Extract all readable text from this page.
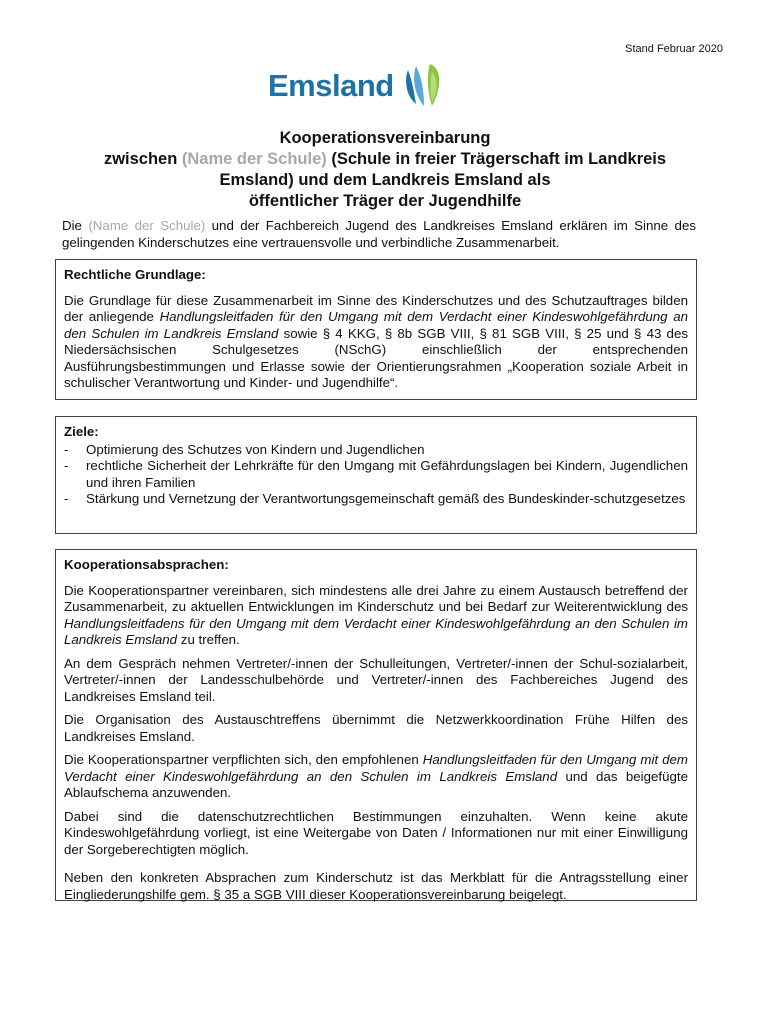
Stand Februar 2020
Emsland
Kooperationsvereinbarung
zwischen (Name der Schule) (Schule in freier Trägerschaft im Landkreis
Emsland) und dem Landkreis Emsland als
öffentlicher Träger der Jugendhilfe
Die (Name der Schule) und der Fachbereich Jugend des Landkreises Emsland erklären im Sinne des gelingenden Kinderschutzes eine vertrauensvolle und verbindliche Zusammenarbeit.
Rechtliche Grundlage:

Die Grundlage für diese Zusammenarbeit im Sinne des Kinderschutzes und des Schutzauftrages bilden der anliegende Handlungsleitfaden für den Umgang mit dem Verdacht einer Kindeswohlgefährdung an den Schulen im Landkreis Emsland sowie § 4 KKG, § 8b SGB VIII, § 81 SGB VIII, § 25 und § 43 des Niedersächsischen Schulgesetzes (NSchG) einschließlich der entsprechenden Ausführungsbestimmungen und Erlasse sowie der Orientierungsrahmen „Kooperation soziale Arbeit in schulischer Verantwortung und Kinder- und Jugendhilfe“.

Ziele:
- Optimierung des Schutzes von Kindern und Jugendlichen
- rechtliche Sicherheit der Lehrkräfte für den Umgang mit Gefährdungslagen bei Kindern, Jugendlichen und ihren Familien
- Stärkung und Vernetzung der Verantwortungsgemeinschaft gemäß des Bundeskinder-schutzgesetzes
Kooperationsabsprachen:

Die Kooperationspartner vereinbaren, sich mindestens alle drei Jahre zu einem Austausch betreffend der Zusammenarbeit, zu aktuellen Entwicklungen im Kinderschutz und bei Bedarf zur Weiterentwicklung des Handlungsleitfadens für den Umgang mit dem Verdacht einer Kindeswohlgefährdung an den Schulen im Landkreis Emsland zu treffen.

An dem Gespräch nehmen Vertreter/-innen der Schulleitungen, Vertreter/-innen der Schul-sozialarbeit, Vertreter/-innen der Landesschulbehörde und Vertreter/-innen des Fachbereiches Jugend des Landkreises Emsland teil.

Die Organisation des Austauschtreffens übernimmt die Netzwerkkoordination Frühe Hilfen des Landkreises Emsland.

Die Kooperationspartner verpflichten sich, den empfohlenen Handlungsleitfaden für den Umgang mit dem Verdacht einer Kindeswohlgefährdung an den Schulen im Landkreis Emsland und das beigefügte Ablaufschema anzuwenden.

Dabei sind die datenschutzrechtlichen Bestimmungen einzuhalten. Wenn keine akute Kindeswohlgefährdung vorliegt, ist eine Weitergabe von Daten / Informationen nur mit einer Einwilligung der Sorgeberechtigten möglich.

Neben den konkreten Absprachen zum Kinderschutz ist das Merkblatt für die Antragsstellung einer Eingliederungshilfe gem. § 35 a SGB VIII dieser Kooperationsvereinbarung beigelegt.
